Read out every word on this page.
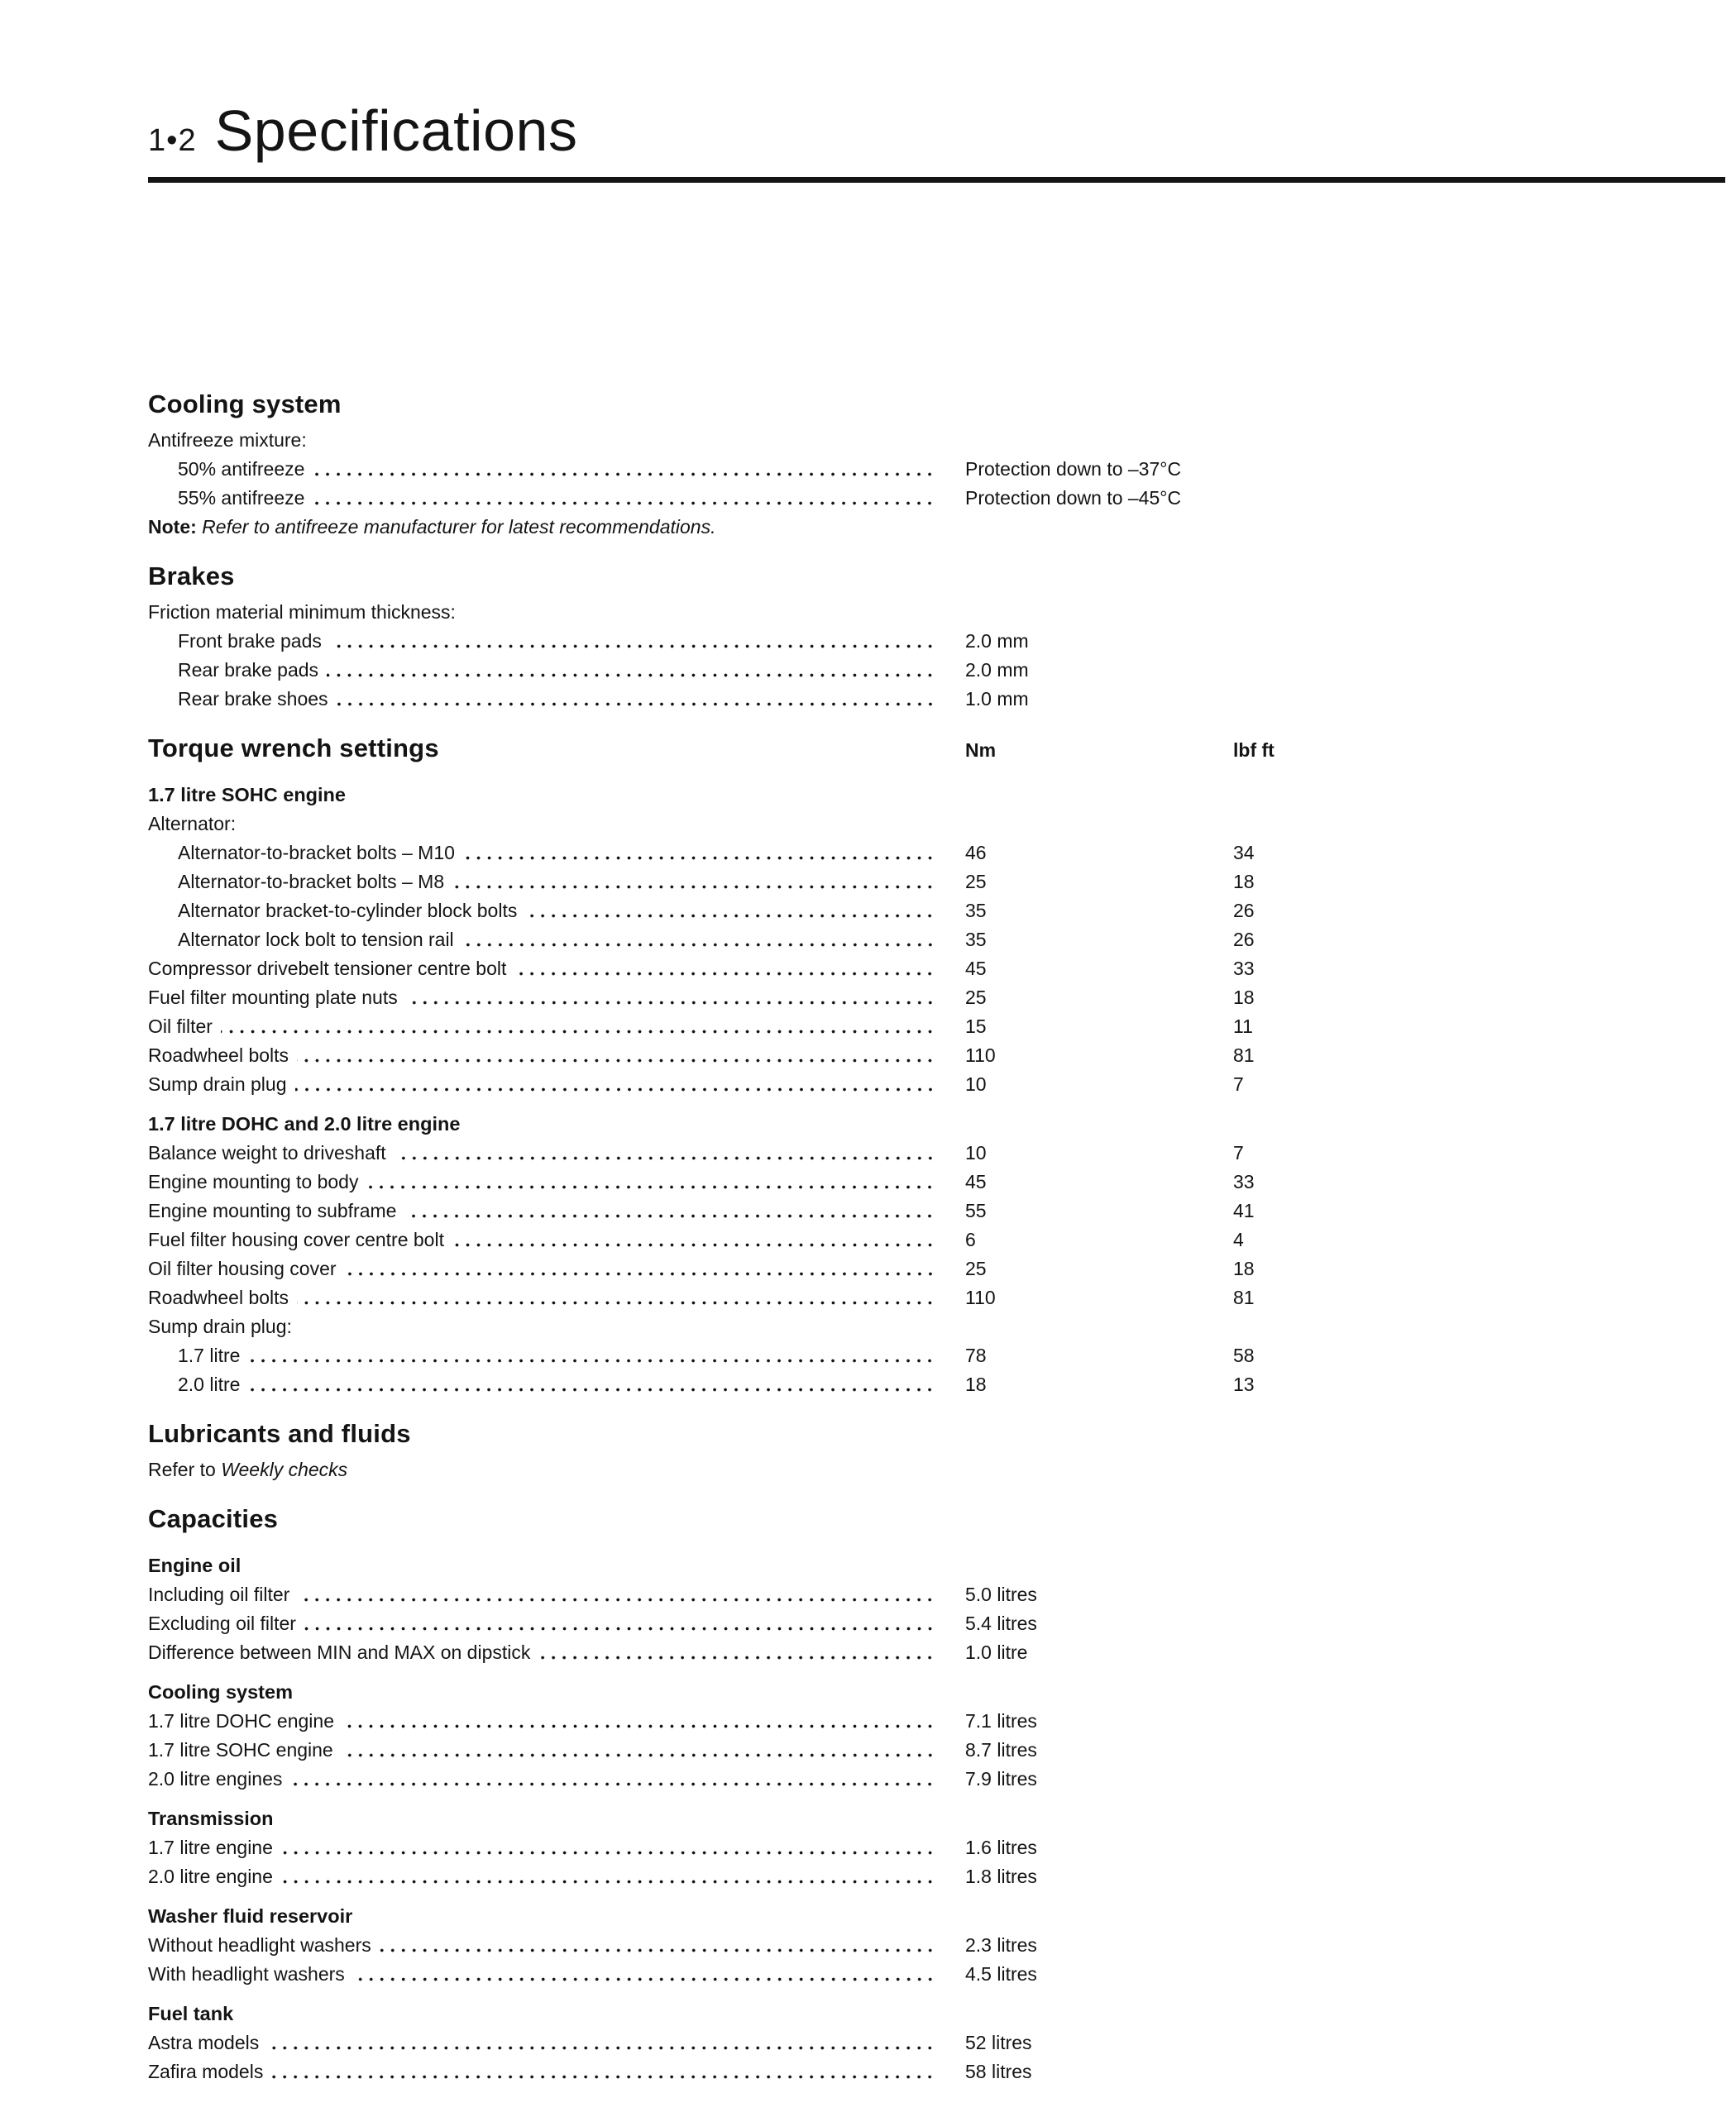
1•2 Specifications
Cooling system
Antifreeze mixture:
50% antifreeze	Protection down to –37°C
55% antifreeze	Protection down to –45°C
Note: Refer to antifreeze manufacturer for latest recommendations.
Brakes
Friction material minimum thickness:
Front brake pads	2.0 mm
Rear brake pads	2.0 mm
Rear brake shoes	1.0 mm
Torque wrench settings	Nm	lbf ft
1.7 litre SOHC engine
Alternator:
Alternator-to-bracket bolts – M10	46	34
Alternator-to-bracket bolts – M8	25	18
Alternator bracket-to-cylinder block bolts	35	26
Alternator lock bolt to tension rail	35	26
Compressor drivebelt tensioner centre bolt	45	33
Fuel filter mounting plate nuts	25	18
Oil filter	15	11
Roadwheel bolts	110	81
Sump drain plug	10	7
1.7 litre DOHC and 2.0 litre engine
Balance weight to driveshaft	10	7
Engine mounting to body	45	33
Engine mounting to subframe	55	41
Fuel filter housing cover centre bolt	6	4
Oil filter housing cover	25	18
Roadwheel bolts	110	81
Sump drain plug:
1.7 litre	78	58
2.0 litre	18	13
Lubricants and fluids
Refer to Weekly checks
Capacities
Engine oil
Including oil filter	5.0 litres
Excluding oil filter	5.4 litres
Difference between MIN and MAX on dipstick	1.0 litre
Cooling system
1.7 litre DOHC engine	7.1 litres
1.7 litre SOHC engine	8.7 litres
2.0 litre engines	7.9 litres
Transmission
1.7 litre engine	1.6 litres
2.0 litre engine	1.8 litres
Washer fluid reservoir
Without headlight washers	2.3 litres
With headlight washers	4.5 litres
Fuel tank
Astra models	52 litres
Zafira models	58 litres
